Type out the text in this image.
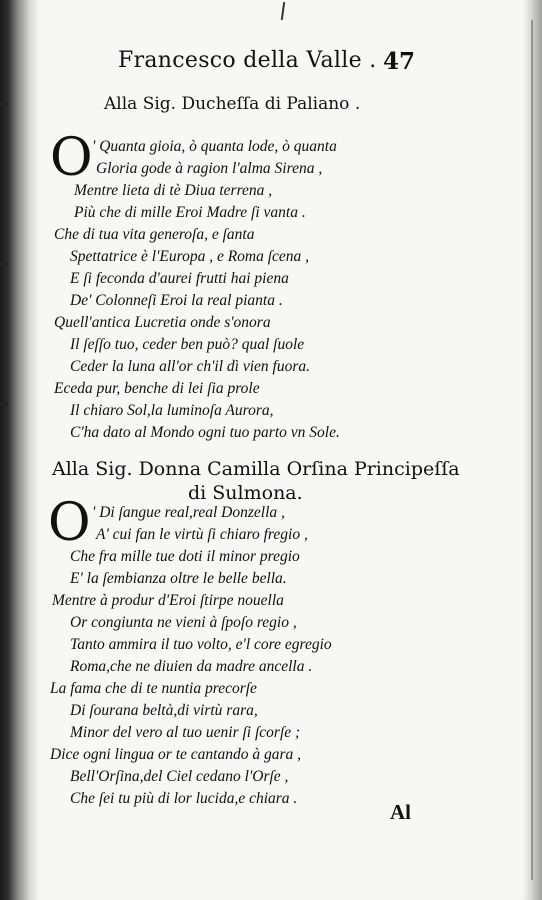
Francesco della Valle . 47
Alla Sig. Ducheſſa di Paliano .
O ' Quanta gioia, ò quanta lode, ò quanta
Gloria gode à ragion l'alma Sirena ,
Mentre lieta di tè Diua terrena ,
Più che di mille Eroi Madre ſi vanta .
Che di tua vita generoſa, e ſanta
Spettatrice è l'Europa , e Roma ſcena ,
E ſi feconda d'aurei frutti hai piena
De' Colonneſi Eroi la real pianta .
Quell'antica Lucretia onde s'onora
Il ſeſſo tuo, ceder ben può? qual ſuole
Ceder la luna all'or ch'il dì vien fuora.
Eceda pur, benche di lei ſia prole
Il chiaro Sol,la luminoſa Aurora,
C'ha dato al Mondo ogni tuo parto vn Sole.
Alla Sig. Donna Camilla Orſina Principeſſa
di Sulmona.
O ' Di ſangue real,real Donzella ,
A' cui fan le virtù ſi chiaro fregio ,
Che fra mille tue doti il minor pregio
E' la ſembianza oltre le belle bella.
Mentre à produr d'Eroi ſtirpe nouella
Or congiunta ne vieni à ſpoſo regio ,
Tanto ammira il tuo volto, e'l core egregio
Roma,che ne diuien da madre ancella .
La fama che di te nuntia precorſe
Di ſourana beltà,di virtù rara,
Minor del vero al tuo uenir ſi ſcorſe ;
Dice ogni lingua or te cantando à gara ,
Bell'Orſina,del Ciel cedano l'Orſe ,
Che ſei tu più di lor lucida,e chiara .
Al
